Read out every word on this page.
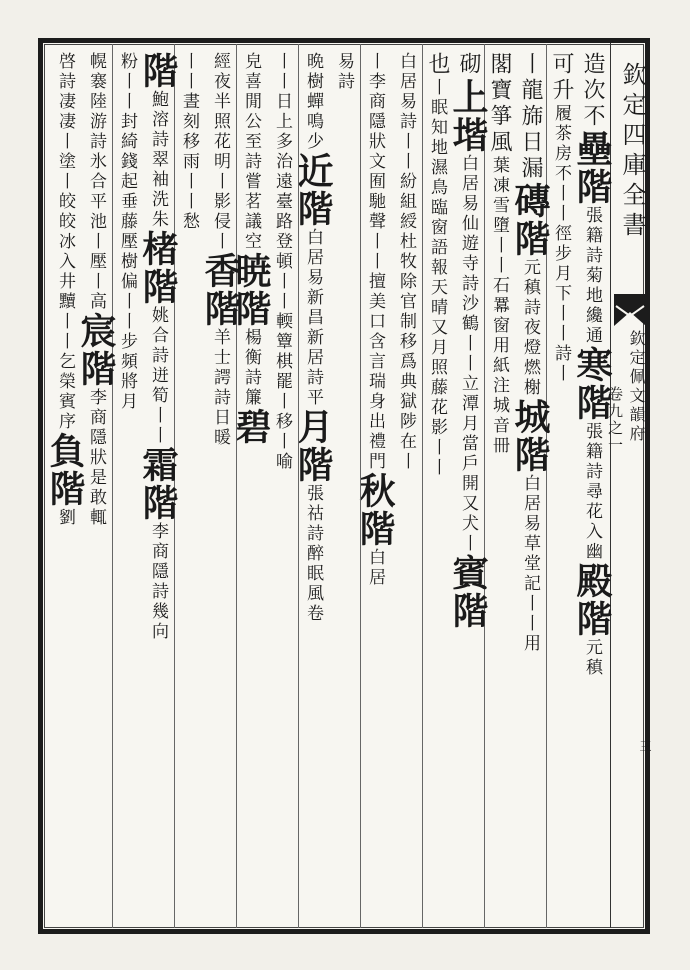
欽定四庫全書
欽定佩文韻府
卷九之一
三
造次不壘階張籍詩菊地纔通寒階張籍詩尋花入幽殿階元稹
可升履茶房不丨丨徑步月下丨丨詩丨
丨龍旆日漏磚階元稹詩夜燈燃榭城階白居易草堂記丨丨用
閣寶箏風葉凍雪墮丨丨石羃窗用紙注城音冊
砌上堦白居易仙遊寺詩沙鶴丨丨立潭月當戶開又犬丨賓階
也丨眠知地濕鳥臨窗語報天晴又月照藤花影丨丨
白居易詩丨丨紛組綬杜牧除官制移爲典獄陟在丨
丨李商隱狀文囿馳聲丨丨擅美口含言瑞身出禮門秋階白居
易詩
晩樹蟬鳴少近階白居易新昌新居詩平月階張祜詩醉眠風卷
丨丨日上多治遠臺路登頓丨丨輭簟棋罷丨移丨喻
皃喜閒公至詩嘗茗議空暁階楊衡詩簾碧
經夜半照花明丨影侵丨香階羊士諤詩日暖
丨丨晝刻移雨丨丨愁
階鮑溶詩翠袖洗朱楮階姚合詩迸筍丨丨霜階李商隱詩幾向
粉丨丨封綺錢起垂藤壓樹偏丨丨步頻將月
幌褰陸游詩氷合平池丨壓丨高宸階李商隱狀是敢輒
啓詩凄凄丨塗丨皎皎冰入井黷丨丨乞榮賓序負階劉
